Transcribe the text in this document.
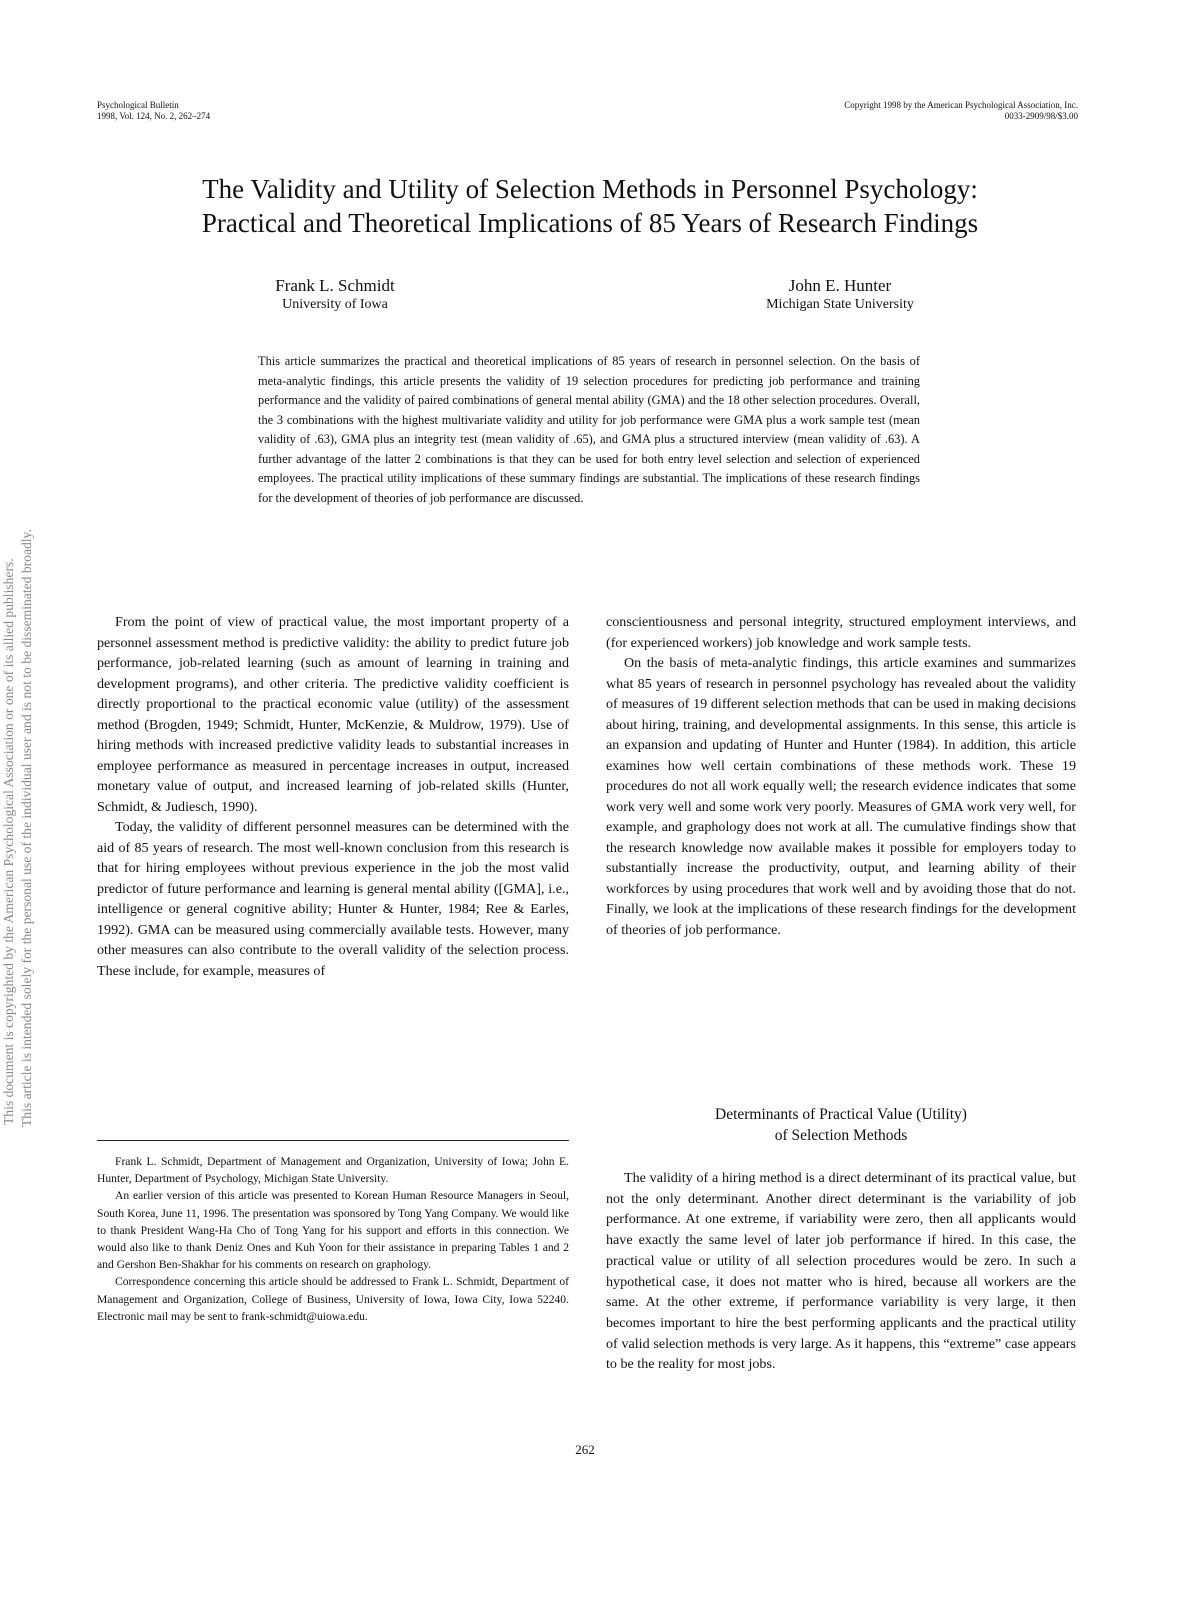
Psychological Bulletin
1998, Vol. 124, No. 2, 262–274
Copyright 1998 by the American Psychological Association, Inc.
0033-2909/98/$3.00
The Validity and Utility of Selection Methods in Personnel Psychology:
Practical and Theoretical Implications of 85 Years of Research Findings
Frank L. Schmidt
University of Iowa
John E. Hunter
Michigan State University

This article summarizes the practical and theoretical implications of 85 years of research in personnel selection. On the basis of meta-analytic findings, this article presents the validity of 19 selection procedures for predicting job performance and training performance and the validity of paired combinations of general mental ability (GMA) and the 18 other selection procedures. Overall, the 3 combinations with the highest multivariate validity and utility for job performance were GMA plus a work sample test (mean validity of .63), GMA plus an integrity test (mean validity of .65), and GMA plus a structured interview (mean validity of .63). A further advantage of the latter 2 combinations is that they can be used for both entry level selection and selection of experienced employees. The practical utility implications of these summary findings are substantial. The implications of these research findings for the development of theories of job performance are discussed.

From the point of view of practical value, the most important property of a personnel assessment method is predictive validity: the ability to predict future job performance, job-related learning (such as amount of learning in training and development programs), and other criteria. The predictive validity coefficient is directly proportional to the practical economic value (utility) of the assessment method (Brogden, 1949; Schmidt, Hunter, McKenzie, & Muldrow, 1979). Use of hiring methods with increased predictive validity leads to substantial increases in employee performance as measured in percentage increases in output, increased monetary value of output, and increased learning of job-related skills (Hunter, Schmidt, & Judiesch, 1990).

Today, the validity of different personnel measures can be determined with the aid of 85 years of research. The most well-known conclusion from this research is that for hiring employees without previous experience in the job the most valid predictor of future performance and learning is general mental ability ([GMA], i.e., intelligence or general cognitive ability; Hunter & Hunter, 1984; Ree & Earles, 1992). GMA can be measured using commercially available tests. However, many other measures can also contribute to the overall validity of the selection process. These include, for example, measures of

conscientiousness and personal integrity, structured employment interviews, and (for experienced workers) job knowledge and work sample tests.

On the basis of meta-analytic findings, this article examines and summarizes what 85 years of research in personnel psychology has revealed about the validity of measures of 19 different selection methods that can be used in making decisions about hiring, training, and developmental assignments. In this sense, this article is an expansion and updating of Hunter and Hunter (1984). In addition, this article examines how well certain combinations of these methods work. These 19 procedures do not all work equally well; the research evidence indicates that some work very well and some work very poorly. Measures of GMA work very well, for example, and graphology does not work at all. The cumulative findings show that the research knowledge now available makes it possible for employers today to substantially increase the productivity, output, and learning ability of their workforces by using procedures that work well and by avoiding those that do not. Finally, we look at the implications of these research findings for the development of theories of job performance.

Determinants of Practical Value (Utility)
of Selection Methods

The validity of a hiring method is a direct determinant of its practical value, but not the only determinant. Another direct determinant is the variability of job performance. At one extreme, if variability were zero, then all applicants would have exactly the same level of later job performance if hired. In this case, the practical value or utility of all selection procedures would be zero. In such a hypothetical case, it does not matter who is hired, because all workers are the same. At the other extreme, if performance variability is very large, it then becomes important to hire the best performing applicants and the practical utility of valid selection methods is very large. As it happens, this “extreme” case appears to be the reality for most jobs.

Frank L. Schmidt, Department of Management and Organization, University of Iowa; John E. Hunter, Department of Psychology, Michigan State University.

An earlier version of this article was presented to Korean Human Resource Managers in Seoul, South Korea, June 11, 1996. The presentation was sponsored by Tong Yang Company. We would like to thank President Wang-Ha Cho of Tong Yang for his support and efforts in this connection. We would also like to thank Deniz Ones and Kuh Yoon for their assistance in preparing Tables 1 and 2 and Gershon Ben-Shakhar for his comments on research on graphology.

Correspondence concerning this article should be addressed to Frank L. Schmidt, Department of Management and Organization, College of Business, University of Iowa, Iowa City, Iowa 52240. Electronic mail may be sent to frank-schmidt@uiowa.edu.

262
This document is copyrighted by the American Psychological Association or one of its allied publishers. This article is intended solely for the personal use of the individual user and is not to be disseminated broadly.
